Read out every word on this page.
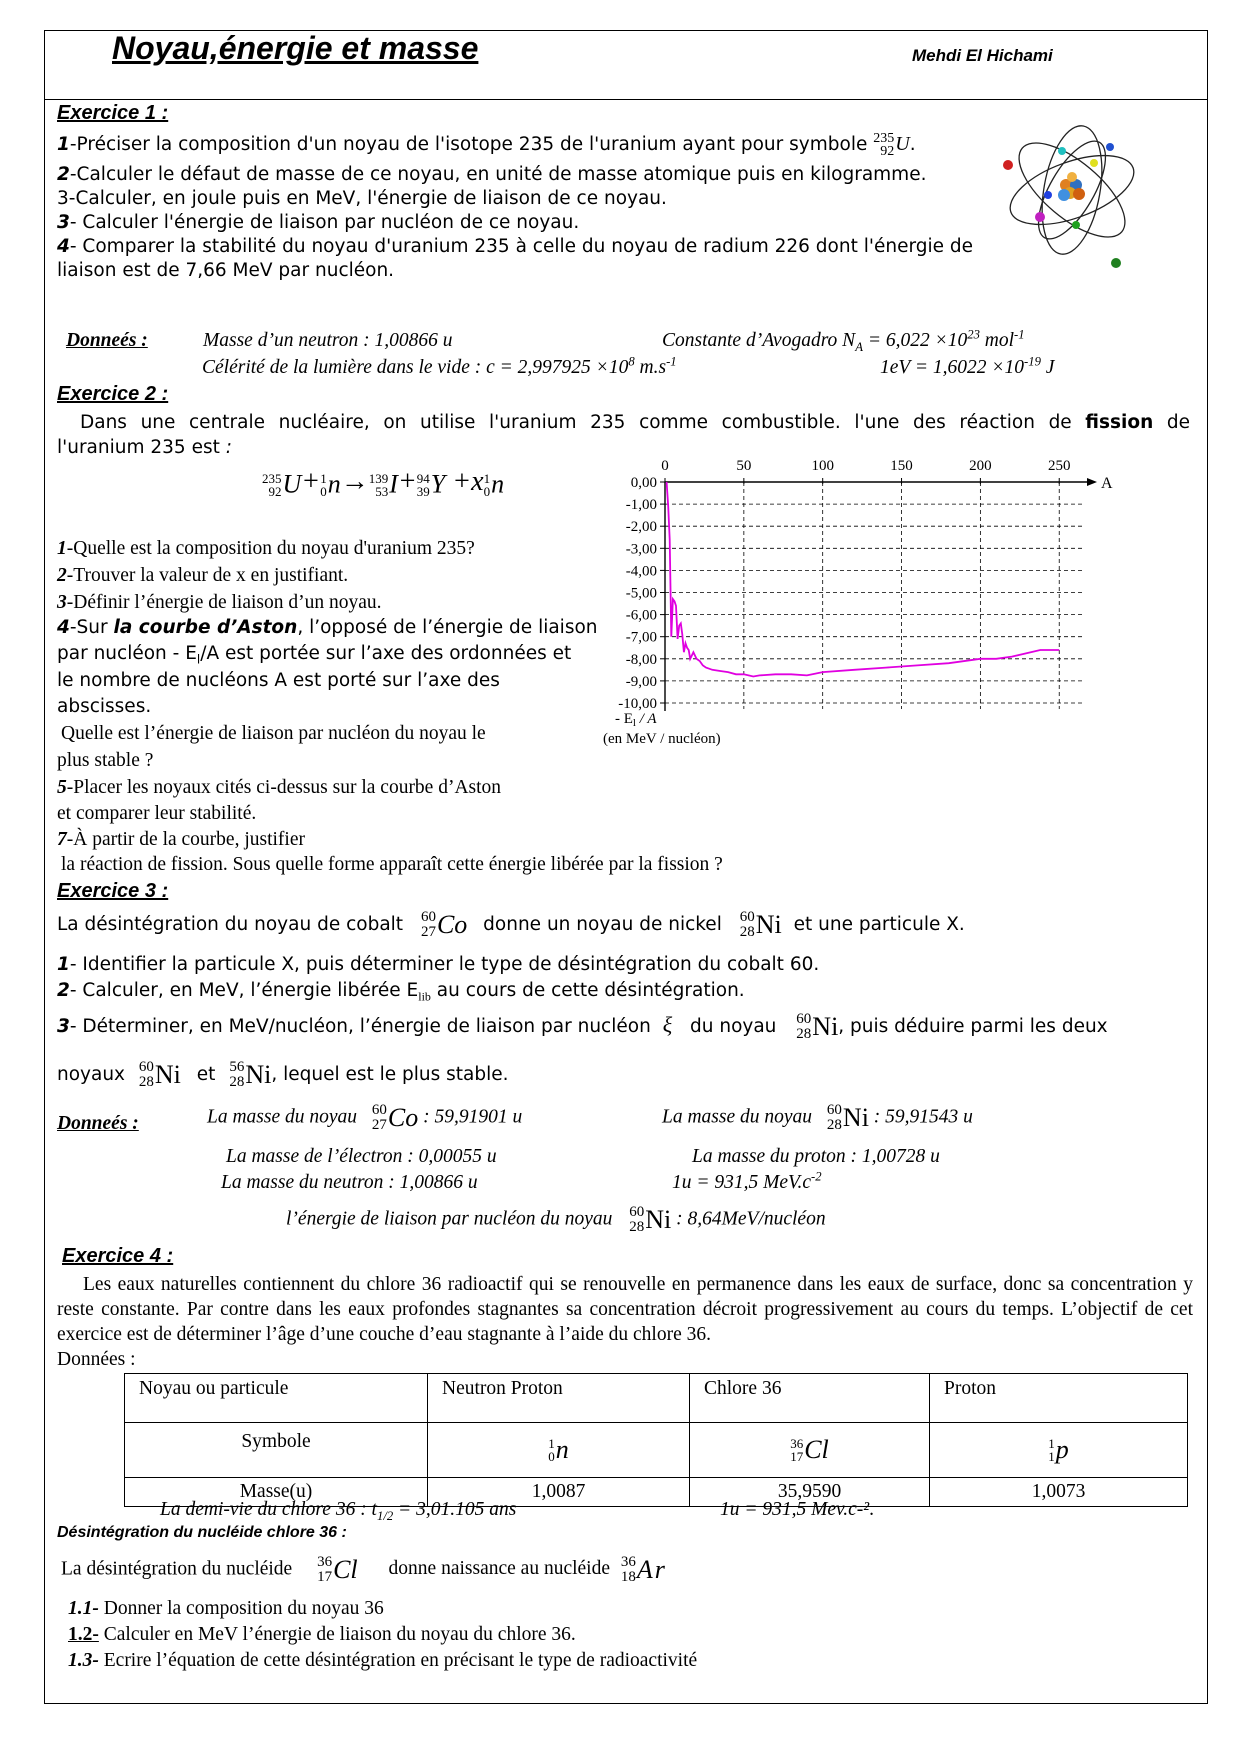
Noyau,énergie et masse	Mehdi El Hichami
Exercice 1 :
1-Préciser la composition d'un noyau de l'isotope 235 de l'uranium ayant pour symbole 235
92 U.
2-Calculer le défaut de masse de ce noyau, en unité de masse atomique puis en kilogramme.
3-Calculer, en joule puis en MeV, l'énergie de liaison de ce noyau.
3- Calculer l'énergie de liaison par nucléon de ce noyau.
4- Comparer la stabilité du noyau d'uranium 235 à celle du noyau de radium 226 dont l'énergie de
liaison est de 7,66 MeV par nucléon.
Donneés :	Masse d’un neutron : 1,00866 u	Constante d’Avogadro $N_A = 6,022 \times 10^{23}$ mol$^{-1}$
Célérité de la lumière dans le vide : $c = 2,997925 \times 10^8$ $m.s^{-1}$	$1eV = 1,6022 \times 10^{-19}$ J
Exercice 2 :
Dans une centrale nucléaire, on utilise l'uranium 235 comme combustible. l'une des réaction de fission de
l'uranium 235 est :
235
92 U+ 1
0 n→ 139
53 I+ 94
39 Y +x 1
0 n
1-Quelle est la composition du noyau d'uranium 235?
2-Trouver la valeur de x en justifiant.
3-Définir l’énergie de liaison d’un noyau.
4-Sur la courbe d’Aston, l’opposé de l’énergie de liaison
par nucléon - $E_l/A$ est portée sur l’axe des ordonnées et
le nombre de nucléons A est porté sur l’axe des
abscisses.
Quelle est l’énergie de liaison par nucléon du noyau le
plus stable ?
5-Placer les noyaux cités ci-dessus sur la courbe d’Aston
et comparer leur stabilité.
7-À partir de la courbe, justifier
la réaction de fission. Sous quelle forme apparaît cette énergie libérée par la fission ?
0,00
-1,00
-2,00
-3,00
-4,00
-5,00
-6,00
-7,00
-8,00
-9,00
-10,00
0	50	100	150	200	250
A
- $E_l$ / A
(en MeV / nucléon)
Exercice 3 :
La désintégration du noyau de cobalt 60
27 Co donne un noyau de nickel 60
28 Ni et une particule X.
1- Identifier la particule X, puis déterminer le type de désintégration du cobalt 60.
2- Calculer, en MeV, l’énergie libérée $E_{lib}$ au cours de cette désintégration.
3- Déterminer, en MeV/nucléon, l’énergie de liaison par nucléon ξ du noyau 60
28 Ni, puis déduire parmi les deux
noyaux 60
28 Ni et 56
28 Ni, lequel est le plus stable.
Donneés :	La masse du noyau 60
27 Co : 59,91901 u	La masse du noyau 60
28 Ni : 59,91543 u
La masse de l’électron : 0,00055 u	La masse du proton : 1,00728 u
La masse du neutron : 1,00866 u	1u = 931,5 $MeV.c^{-2}$
l’énergie de liaison par nucléon du noyau 60
28 Ni : 8,64MeV/nucléon
Exercice 4 :
Les eaux naturelles contiennent du chlore 36 radioactif qui se renouvelle en permanence dans les eaux de surface, donc sa concentration y reste constante. Par contre dans les eaux profondes stagnantes sa concentration décroit progressivement au cours du temps. L’objectif de cet exercice est de déterminer l’âge d’une couche d’eau stagnante à l’aide du chlore 36.
Données :
Noyau ou particule	Neutron Proton	Chlore 36	Proton
Symbole	1
0 n	36
17 Cl	1
1 p
Masse(u)	1,0087	35,9590	1,0073
La demi-vie du chlore 36 : $t_{1/2} = 3,01.105$ ans	1u = 931,5 Mev.c-².
Désintégration du nucléide chlore 36 :
La désintégration du nucléide 36
17 Cl donne naissance au nucléide 36
18 Ar
1.1- Donner la composition du noyau 36
1.2- Calculer en MeV l’énergie de liaison du noyau du chlore 36.
1.3- Ecrire l’équation de cette désintégration en précisant le type de radioactivité
